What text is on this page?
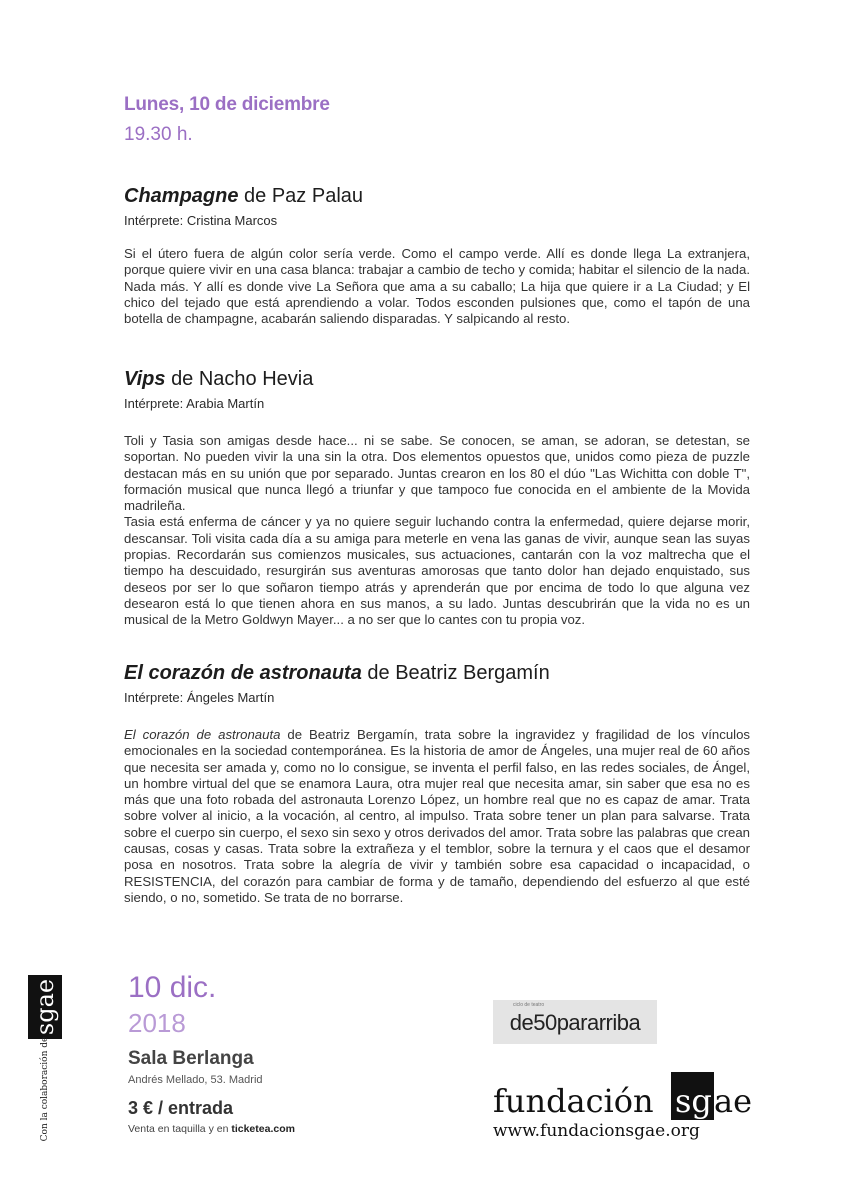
Lunes, 10 de diciembre
19.30 h.
Champagne de Paz Palau
Intérprete: Cristina Marcos

Si el útero fuera de algún color sería verde. Como el campo verde. Allí es donde llega La extranjera, porque quiere vivir en una casa blanca: trabajar a cambio de techo y comida; habitar el silencio de la nada. Nada más. Y allí es donde vive La Señora que ama a su caballo; La hija que quiere ir a La Ciudad; y El chico del tejado que está aprendiendo a volar. Todos esconden pulsiones que, como el tapón de una botella de champagne, acabarán saliendo disparadas. Y salpicando al resto.

Vips de Nacho Hevia
Intérprete: Arabia Martín

Toli y Tasia son amigas desde hace... ni se sabe. Se conocen, se aman, se adoran, se detestan, se soportan. No pueden vivir la una sin la otra. Dos elementos opuestos que, unidos como pieza de puzzle destacan más en su unión que por separado. Juntas crearon en los 80 el dúo "Las Wichitta con doble T", formación musical que nunca llegó a triunfar y que tampoco fue conocida en el ambiente de la Movida madrileña.

Tasia está enferma de cáncer y ya no quiere seguir luchando contra la enfermedad, quiere dejarse morir, descansar. Toli visita cada día a su amiga para meterle en vena las ganas de vivir, aunque sean las suyas propias. Recordarán sus comienzos musicales, sus actuaciones, cantarán con la voz maltrecha que el tiempo ha descuidado, resurgirán sus aventuras amorosas que tanto dolor han dejado enquistado, sus deseos por ser lo que soñaron tiempo atrás y aprenderán que por encima de todo lo que alguna vez desearon está lo que tienen ahora en sus manos, a su lado. Juntas descubrirán que la vida no es un musical de la Metro Goldwyn Mayer... a no ser que lo cantes con tu propia voz.

El corazón de astronauta de Beatriz Bergamín
Intérprete: Ángeles Martín

El corazón de astronauta de Beatriz Bergamín, trata sobre la ingravidez y fragilidad de los vínculos emocionales en la sociedad contemporánea. Es la historia de amor de Ángeles, una mujer real de 60 años que necesita ser amada y, como no lo consigue, se inventa el perfil falso, en las redes sociales, de Ángel, un hombre virtual del que se enamora Laura, otra mujer real que necesita amar, sin saber que esa no es más que una foto robada del astronauta Lorenzo López, un hombre real que no es capaz de amar. Trata sobre volver al inicio, a la vocación, al centro, al impulso. Trata sobre tener un plan para salvarse. Trata sobre el cuerpo sin cuerpo, el sexo sin sexo y otros derivados del amor. Trata sobre las palabras que crean causas, cosas y casas. Trata sobre la extrañeza y el temblor, sobre la ternura y el caos que el desamor posa en nosotros. Trata sobre la alegría de vivir y también sobre esa capacidad o incapacidad, o RESISTENCIA, del corazón para cambiar de forma y de tamaño, dependiendo del esfuerzo al que esté siendo, o no, sometido. Se trata de no borrarse.

sgae
Con la colaboración de
10 dic.
2018
Sala Berlanga
Andrés Mellado, 53. Madrid
3 € / entrada
Venta en taquilla y en ticketea.com
ciclo de teatro
de50pararriba
fundación sg ae
www.fundacionsgae.org
